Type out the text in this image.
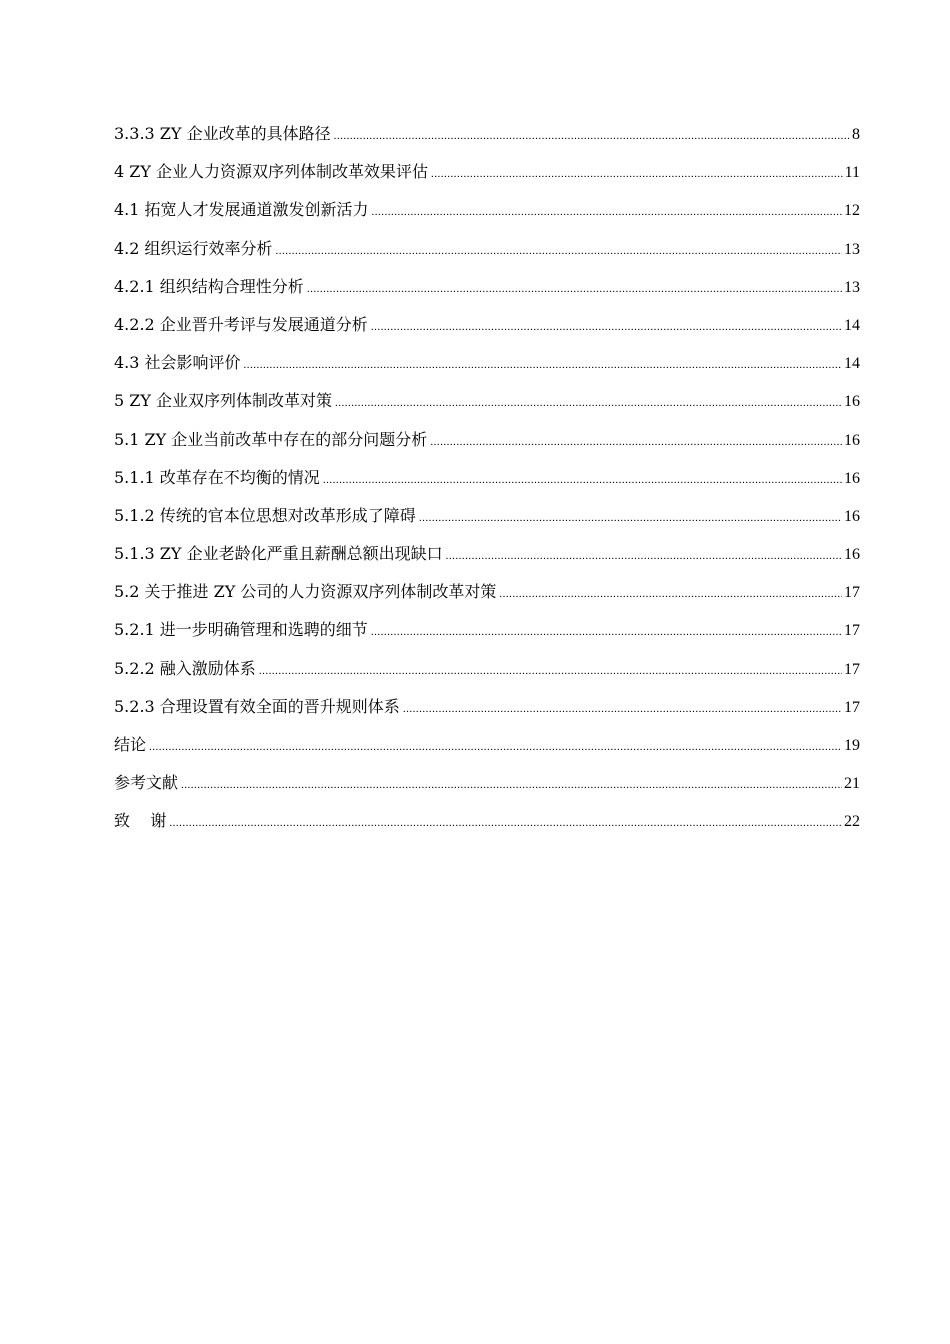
3.3.3 ZY 企业改革的具体路径 .....	8
4 ZY 企业人力资源双序列体制改革效果评估 .....	11
4.1 拓宽人才发展通道激发创新活力 .....	12
4.2 组织运行效率分析 .....	13
4.2.1 组织结构合理性分析 .....	13
4.2.2 企业晋升考评与发展通道分析 .....	14
4.3 社会影响评价 .....	14
5 ZY 企业双序列体制改革对策 .....	16
5.1 ZY 企业当前改革中存在的部分问题分析 .....	16
5.1.1 改革存在不均衡的情况 .....	16
5.1.2 传统的官本位思想对改革形成了障碍 .....	16
5.1.3 ZY 企业老龄化严重且薪酬总额出现缺口 .....	16
5.2 关于推进 ZY 公司的人力资源双序列体制改革对策 .....	17
5.2.1 进一步明确管理和选聘的细节 .....	17
5.2.2 融入激励体系 .....	17
5.2.3 合理设置有效全面的晋升规则体系 .....	17
结论 .....	19
参考文献 .....	21
致    谢 .....	22
